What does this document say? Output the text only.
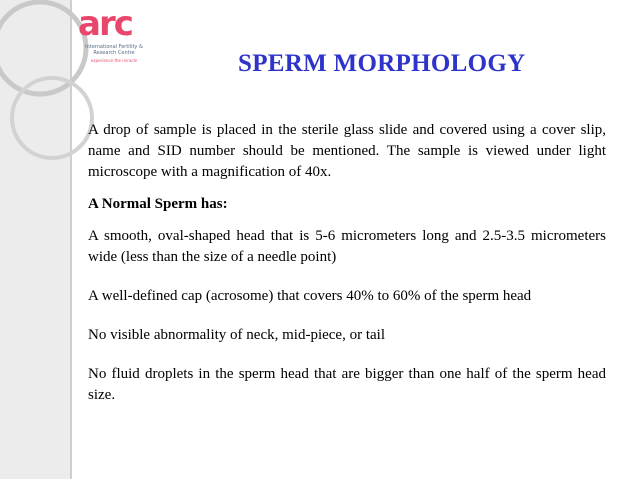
arc
International Fertility & Research Centre
experience the miracle	SPERM MORPHOLOGY

A drop of sample is placed in the sterile glass slide and covered using a cover slip, name and SID number should be mentioned. The sample is viewed under light microscope with a magnification of 40x.

A Normal Sperm has:

A smooth, oval-shaped head that is 5-6 micrometers long and 2.5-3.5 micrometers wide (less than the size of a needle point)

A well-defined cap (acrosome) that covers 40% to 60% of the sperm head

No visible abnormality of neck, mid-piece, or tail

No fluid droplets in the sperm head that are bigger than one half of the sperm head size.
